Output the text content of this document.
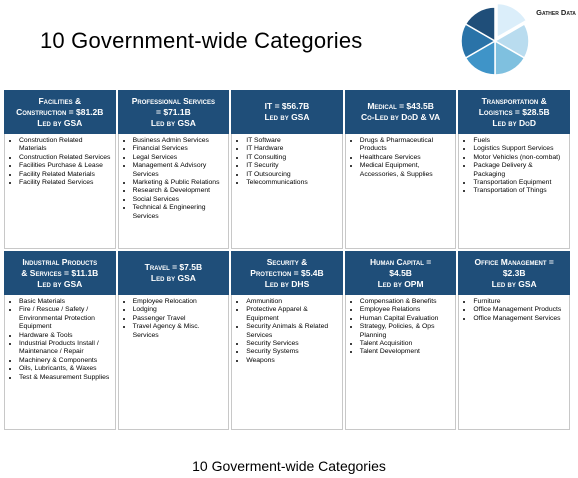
10 Government-wide Categories
Gather Data
Facilities &
Construction = $81.2B
Led by GSA
Professional Services
= $71.1B
Led by GSA
IT = $56.7B
Led by GSA
Medical = $43.5B
Co-Led by DoD & VA
Transportation &
Logistics = $28.5B
Led by DoD
• Construction Related Materials
• Construction Related Services
• Facilities Purchase & Lease
• Facility Related Materials
• Facility Related Services
• Business Admin Services
• Financial Services
• Legal Services
• Management & Advisory Services
• Marketing & Public Relations
• Research & Development
• Social Services
• Technical & Engineering Services
• IT Software
• IT Hardware
• IT Consulting
• IT Security
• IT Outsourcing
• Telecommunications
• Drugs & Pharmaceutical Products
• Healthcare Services
• Medical Equipment, Accessories, & Supplies
• Fuels
• Logistics Support Services
• Motor Vehicles (non-combat)
• Package Delivery & Packaging
• Transportation Equipment
• Transportation of Things
Industrial Products
& Services = $11.1B
Led by GSA
Travel = $7.5B
Led by GSA
Security &
Protection = $5.4B
Led by DHS
Human Capital =
$4.5B
Led by OPM
Office Management =
$2.3B
Led by GSA
• Basic Materials
• Fire / Rescue / Safety / Environmental Protection Equipment
• Hardware & Tools
• Industrial Products Install / Maintenance / Repair
• Machinery & Components
• Oils, Lubricants, & Waxes
• Test & Measurement Supplies
• Employee Relocation
• Lodging
• Passenger Travel
• Travel Agency & Misc. Services
• Ammunition
• Protective Apparel & Equipment
• Security Animals & Related Services
• Security Services
• Security Systems
• Weapons
• Compensation & Benefits
• Employee Relations
• Human Capital Evaluation
• Strategy, Policies, & Ops Planning
• Talent Acquisition
• Talent Development
• Furniture
• Office Management Products
• Office Management Services
10 Goverment-wide Categories
